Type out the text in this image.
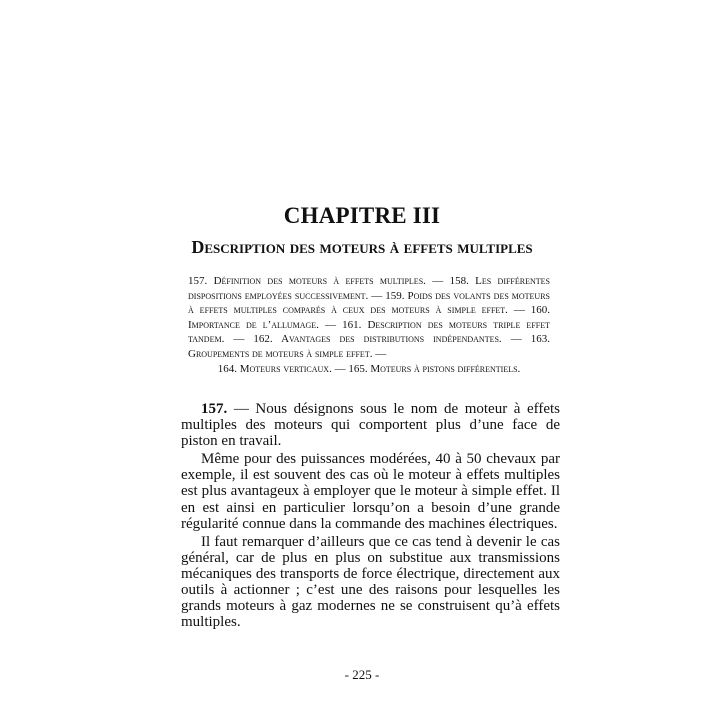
CHAPITRE III
Description des moteurs à effets multiples
157. Définition des moteurs à effets multiples. — 158. Les différentes dispositions employées successivement. — 159. Poids des volants des moteurs à effets multiples comparés à ceux des moteurs à simple effet. — 160. Importance de l’allumage. — 161. Description des moteurs triple effet tandem. — 162. Avantages des distributions indépendantes. — 163. Groupements de moteurs à simple effet. —
164. Moteurs verticaux. — 165. Moteurs à pistons différentiels.

157. — Nous désignons sous le nom de moteur à effets multiples des moteurs qui comportent plus d’une face de piston en travail.

Même pour des puissances modérées, 40 à 50 chevaux par exemple, il est souvent des cas où le moteur à effets multiples est plus avantageux à employer que le moteur à simple effet. Il en est ainsi en particulier lorsqu’on a besoin d’une grande régularité connue dans la commande des machines électriques.

Il faut remarquer d’ailleurs que ce cas tend à devenir le cas général, car de plus en plus on substitue aux transmissions mécaniques des transports de force électrique, directement aux outils à actionner ; c’est une des raisons pour lesquelles les grands moteurs à gaz modernes ne se construisent qu’à effets multiples.

- 225 -
